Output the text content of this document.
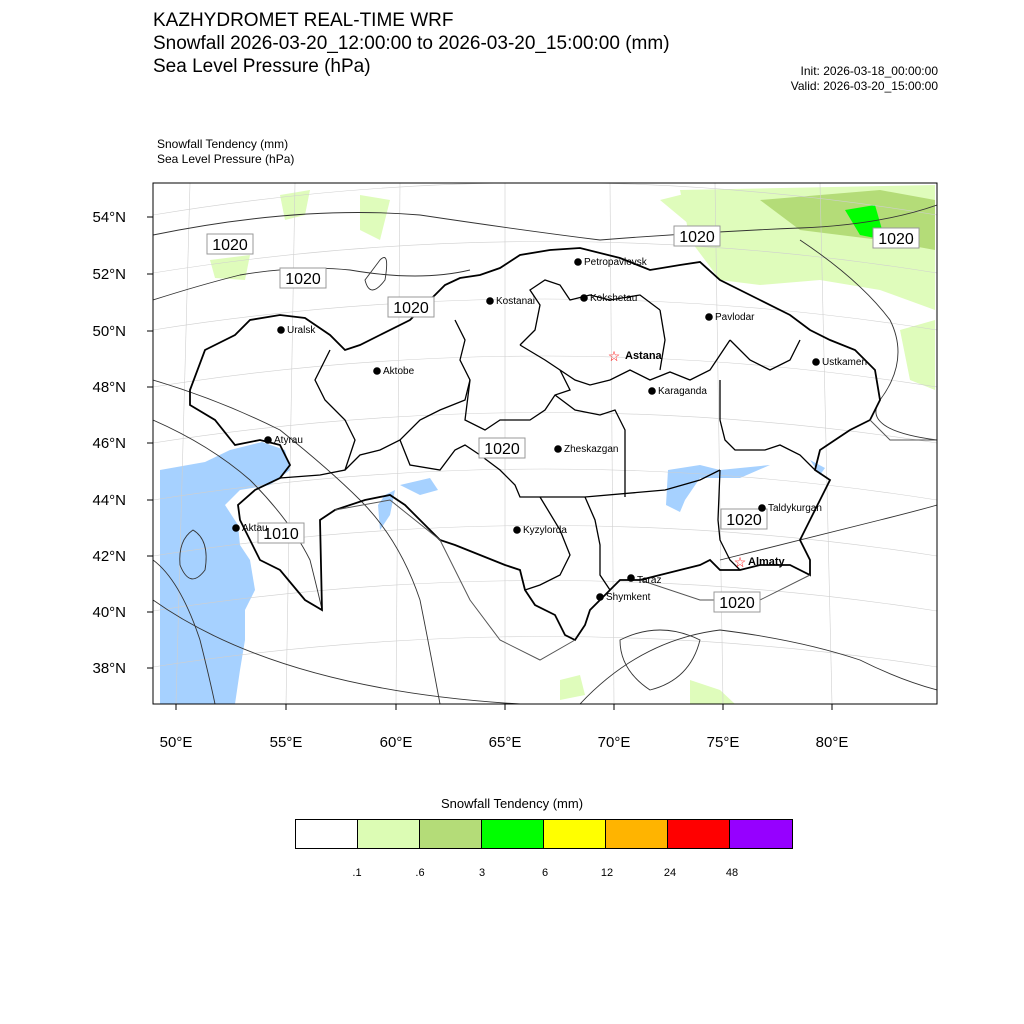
KAZHYDROMET REAL-TIME WRF
Snowfall 2026-03-20_12:00:00 to 2026-03-20_15:00:00 (mm)
Sea Level Pressure (hPa)	Init: 2026-03-18_00:00:00
Valid: 2026-03-20_15:00:00
Snowfall Tendency (mm)
Sea Level Pressure (hPa)
54°N
52°N
50°N
48°N
46°N
44°N
42°N
40°N
38°N
50°E	55°E	60°E	65°E	70°E	75°E	80°E
1020
1020
1020
1020	1020
1020
1010
1020
1020
Petropavlovsk
Kostanai	Kokshetau
Pavlodar
Uralsk
☆ Astana
Aktobe
Karaganda
Ustkamen
Atyrau
Zheskazgan
Taldykurgan
Aktau	Kyzylorda
☆ Almaty
Taraz
Shymkent
Snowfall Tendency (mm)
.1	.6	3	6	12	24	48
